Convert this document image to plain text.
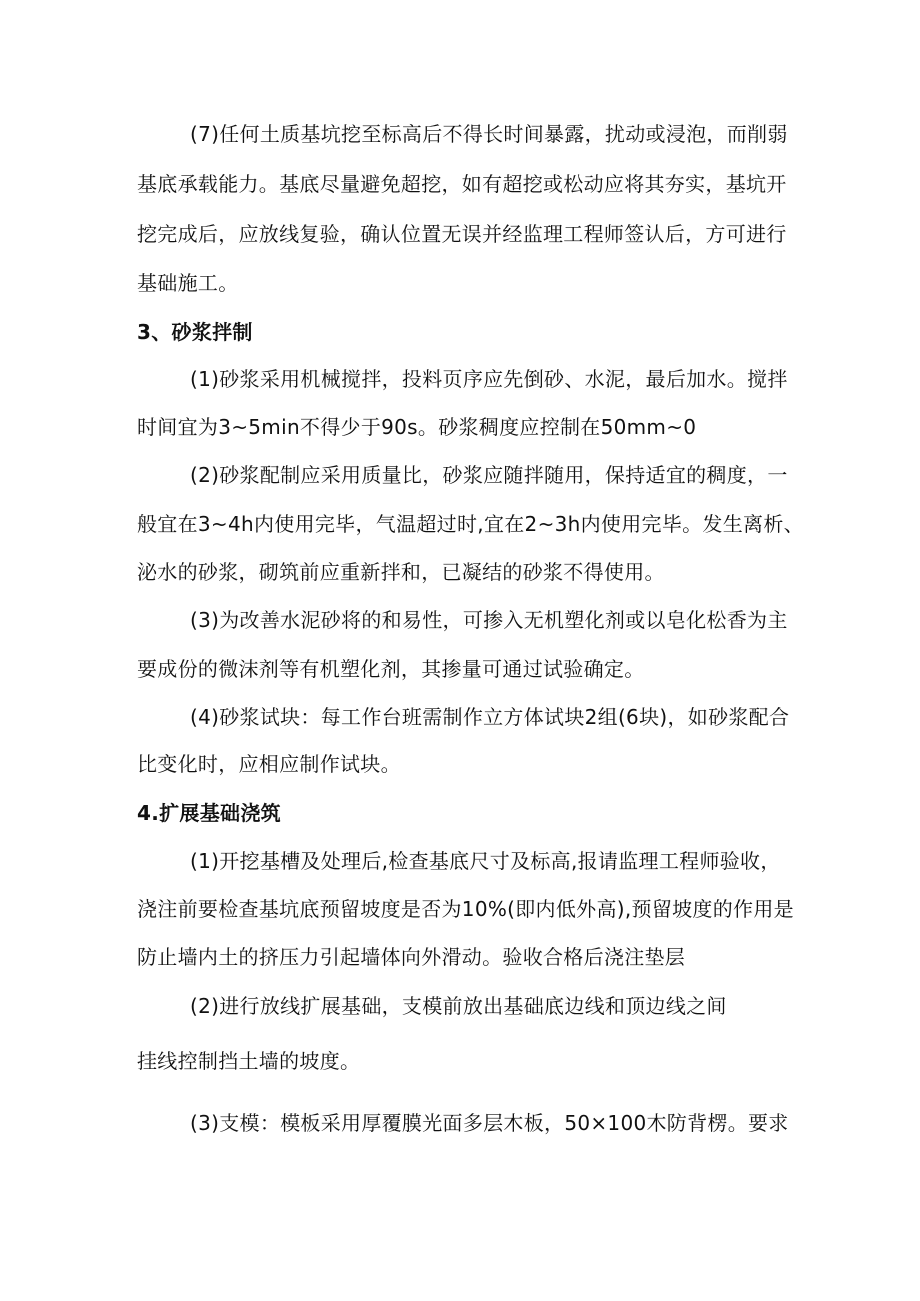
(7)任何土质基坑挖至标高后不得长时间暴露，扰动或浸泡，而削弱
基底承载能力。基底尽量避免超挖，如有超挖或松动应将其夯实，基坑开
挖完成后，应放线复验，确认位置无误并经监理工程师签认后，方可进行
基础施工。
3、砂浆拌制
(1)砂浆采用机械搅拌，投料页序应先倒砂、水泥，最后加水。搅拌
时间宜为3~5min不得少于90s。砂浆稠度应控制在50mm~0
(2)砂浆配制应采用质量比，砂浆应随拌随用，保持适宜的稠度，一
般宜在3~4h内使用完毕，气温超过时,宜在2~3h内使用完毕。发生离析、
泌水的砂浆，砌筑前应重新拌和，已凝结的砂浆不得使用。
(3)为改善水泥砂将的和易性，可掺入无机塑化剂或以皂化松香为主
要成份的微沫剂等有机塑化剂，其掺量可通过试验确定。
(4)砂浆试块：每工作台班需制作立方体试块2组(6块)，如砂浆配合
比变化时，应相应制作试块。
4.扩展基础浇筑
(1)开挖基槽及处理后,检查基底尺寸及标高,报请监理工程师验收，
浇注前要检查基坑底预留坡度是否为10%(即内低外高),预留坡度的作用是
防止墙内土的挤压力引起墙体向外滑动。验收合格后浇注垫层
(2)进行放线扩展基础，支模前放出基础底边线和顶边线之间
挂线控制挡土墙的坡度。
(3)支模：模板采用厚覆膜光面多层木板，50×100木防背楞。要求
